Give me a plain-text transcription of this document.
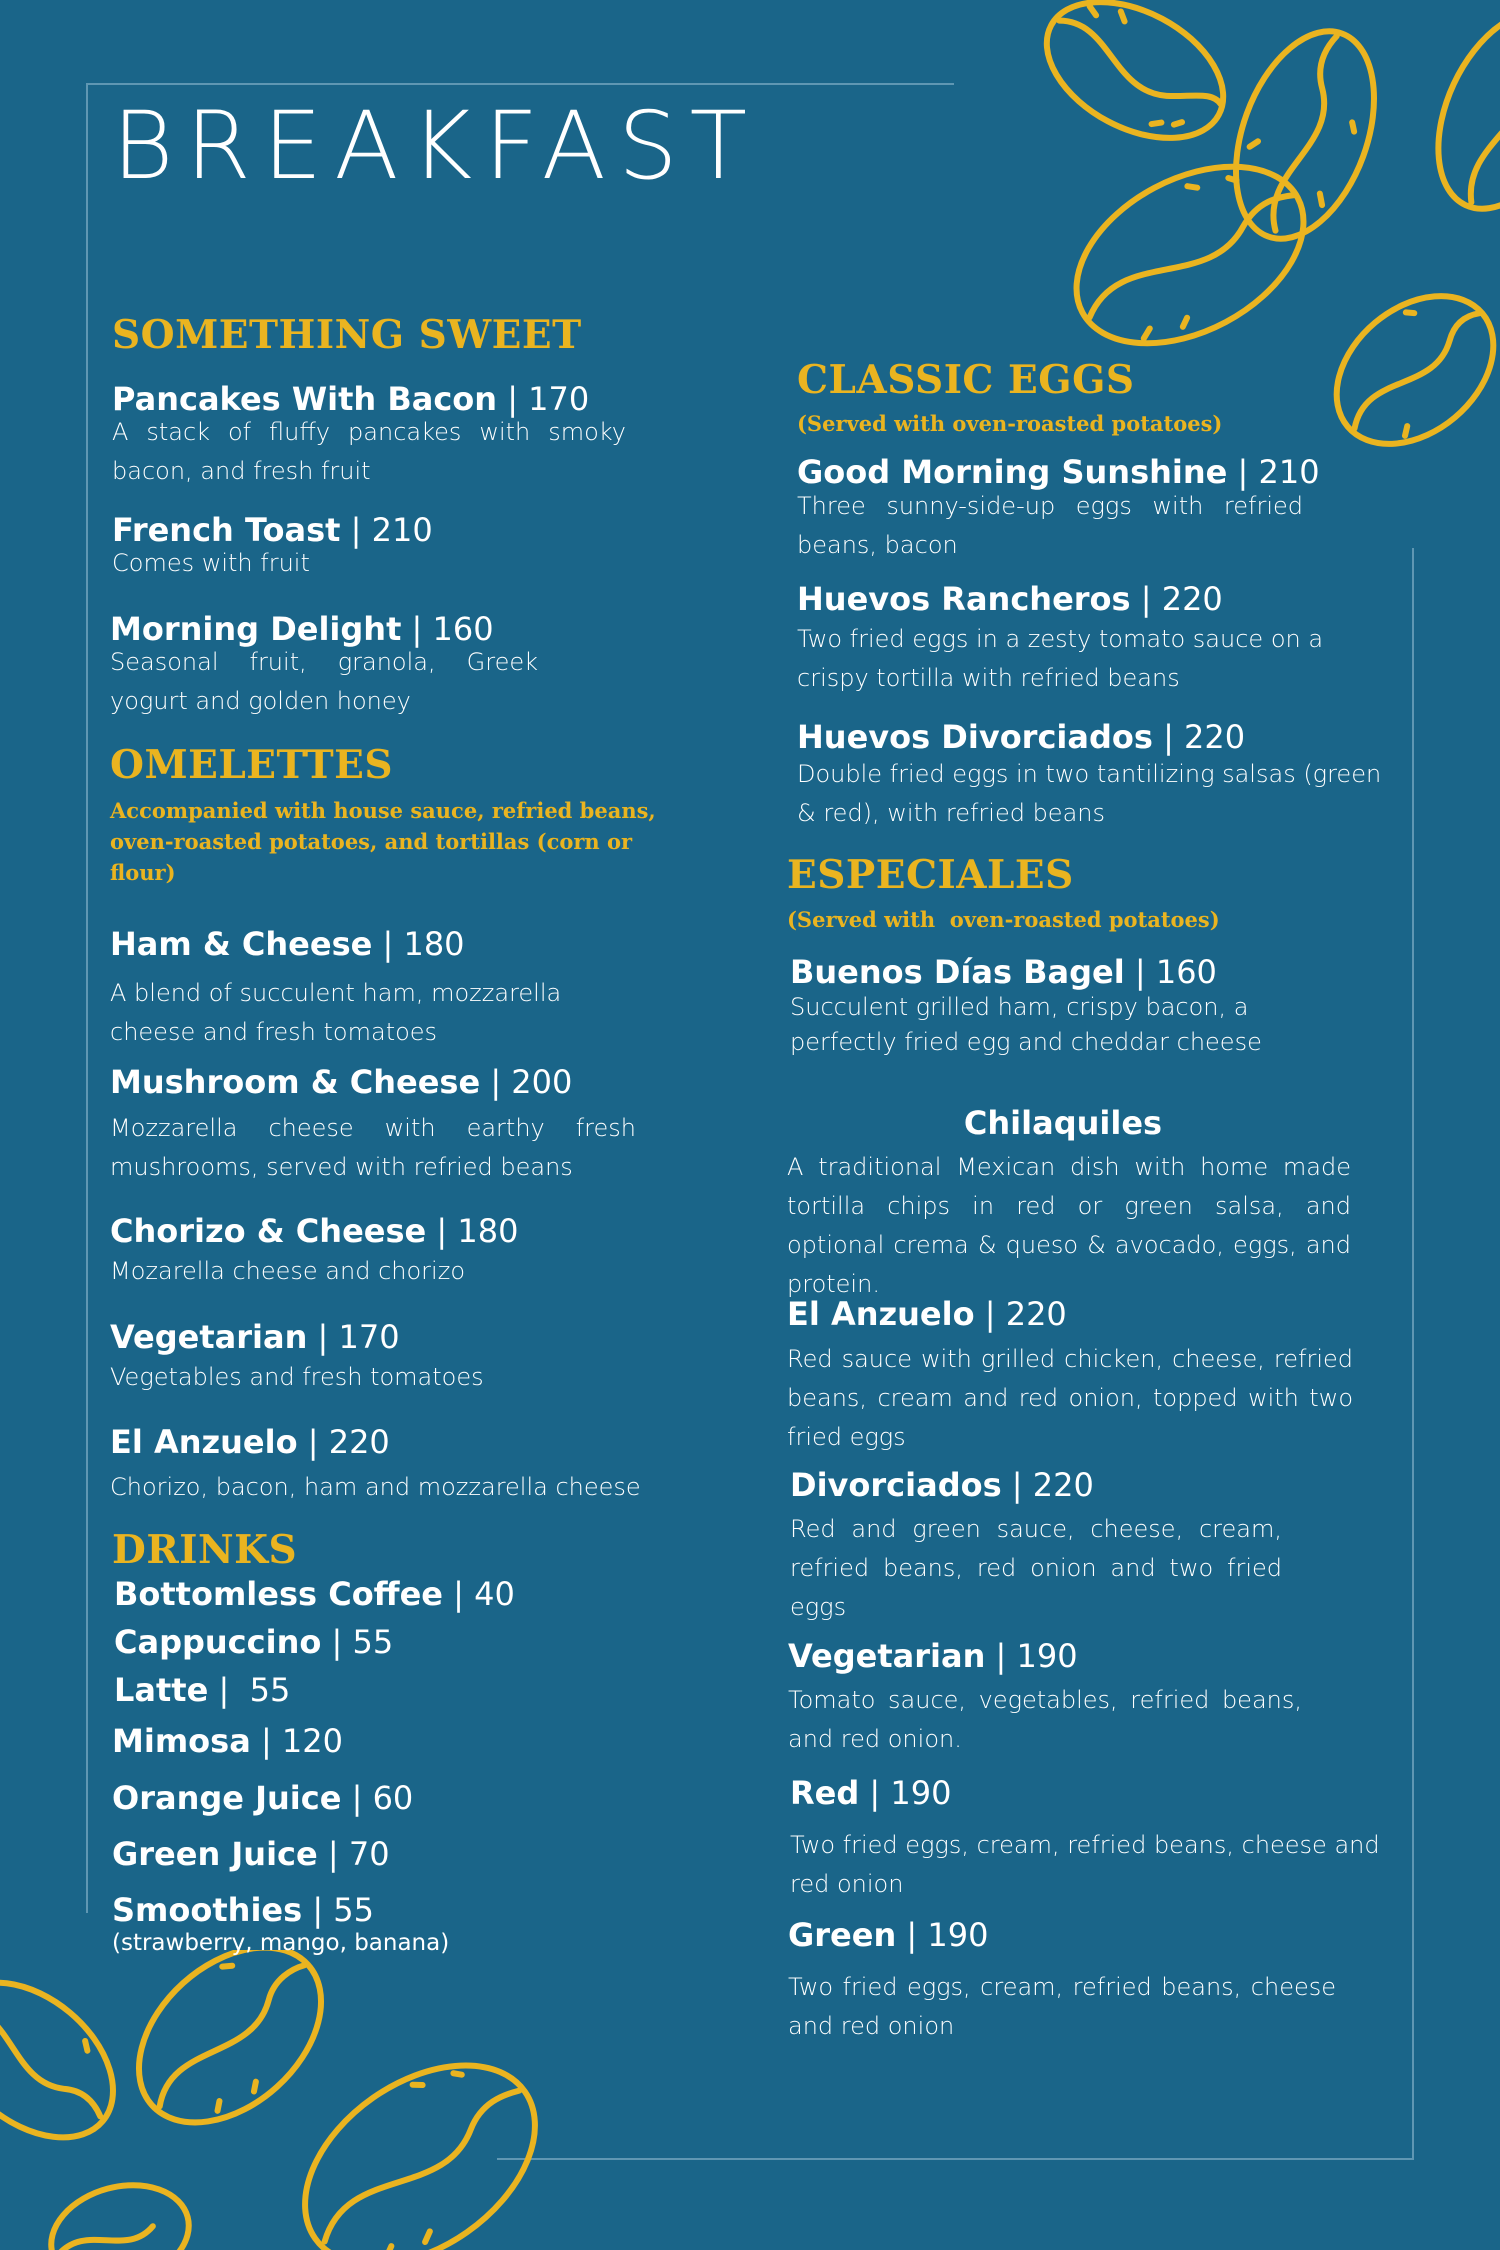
BREAKFAST
SOMETHING SWEET
Pancakes With Bacon | 170
A stack of fluffy pancakes with smoky bacon, and fresh fruit
French Toast | 210
Comes with fruit
Morning Delight | 160
Seasonal fruit, granola, Greek yogurt and golden honey
OMELETTES
Accompanied with house sauce, refried beans, oven-roasted potatoes, and tortillas (corn or flour)
Ham & Cheese | 180
A blend of succulent ham, mozzarella cheese and fresh tomatoes
Mushroom & Cheese | 200
Mozzarella cheese with earthy fresh mushrooms, served with refried beans
Chorizo & Cheese | 180
Mozarella cheese and chorizo
Vegetarian | 170
Vegetables and fresh tomatoes
El Anzuelo | 220
Chorizo, bacon, ham and mozzarella cheese
DRINKS
Bottomless Coffee | 40
Cappuccino | 55
Latte |  55
Mimosa | 120
Orange Juice | 60
Green Juice | 70
Smoothies | 55
(strawberry, mango, banana)
CLASSIC EGGS
(Served with oven-roasted potatoes)
Good Morning Sunshine | 210
Three sunny-side-up eggs with refried beans, bacon
Huevos Rancheros | 220
Two fried eggs in a zesty tomato sauce on a crispy tortilla with refried beans
Huevos Divorciados | 220
Double fried eggs in two tantilizing salsas (green & red), with refried beans
ESPECIALES
(Served with  oven-roasted potatoes)
Buenos Días Bagel | 160
Succulent grilled ham, crispy bacon, a perfectly fried egg and cheddar cheese
Chilaquiles
A traditional Mexican dish with home made tortilla chips in red or green salsa, and optional crema & queso & avocado, eggs, and protein.
El Anzuelo | 220
Red sauce with grilled chicken, cheese, refried beans, cream and red onion, topped with two fried eggs
Divorciados | 220
Red and green sauce, cheese, cream, refried beans, red onion and two fried eggs
Vegetarian | 190
Tomato sauce, vegetables, refried beans, and red onion.
Red | 190
Two fried eggs, cream, refried beans, cheese and red onion
Green | 190
Two fried eggs, cream, refried beans, cheese and red onion
